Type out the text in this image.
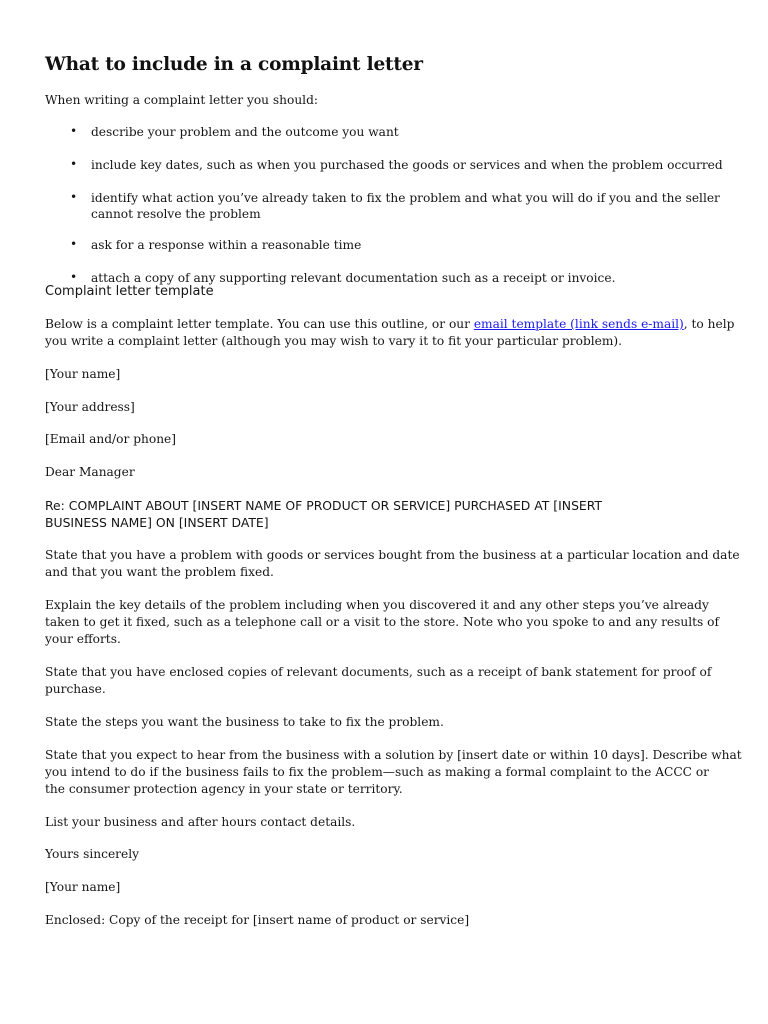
What to include in a complaint letter
When writing a complaint letter you should:
• describe your problem and the outcome you want
• include key dates, such as when you purchased the goods or services and when the problem occurred
• identify what action you’ve already taken to fix the problem and what you will do if you and the seller
cannot resolve the problem
• ask for a response within a reasonable time
• attach a copy of any supporting relevant documentation such as a receipt or invoice.
Complaint letter template
Below is a complaint letter template. You can use this outline, or our email template (link sends e-mail), to help
you write a complaint letter (although you may wish to vary it to fit your particular problem).
[Your name]
[Your address]
[Email and/or phone]
Dear Manager
Re: COMPLAINT ABOUT [INSERT NAME OF PRODUCT OR SERVICE] PURCHASED AT [INSERT
BUSINESS NAME] ON [INSERT DATE]
State that you have a problem with goods or services bought from the business at a particular location and date
and that you want the problem fixed.
Explain the key details of the problem including when you discovered it and any other steps you’ve already
taken to get it fixed, such as a telephone call or a visit to the store. Note who you spoke to and any results of
your efforts.
State that you have enclosed copies of relevant documents, such as a receipt of bank statement for proof of
purchase.
State the steps you want the business to take to fix the problem.
State that you expect to hear from the business with a solution by [insert date or within 10 days]. Describe what
you intend to do if the business fails to fix the problem—such as making a formal complaint to the ACCC or
the consumer protection agency in your state or territory.
List your business and after hours contact details.
Yours sincerely
[Your name]
Enclosed: Copy of the receipt for [insert name of product or service]
